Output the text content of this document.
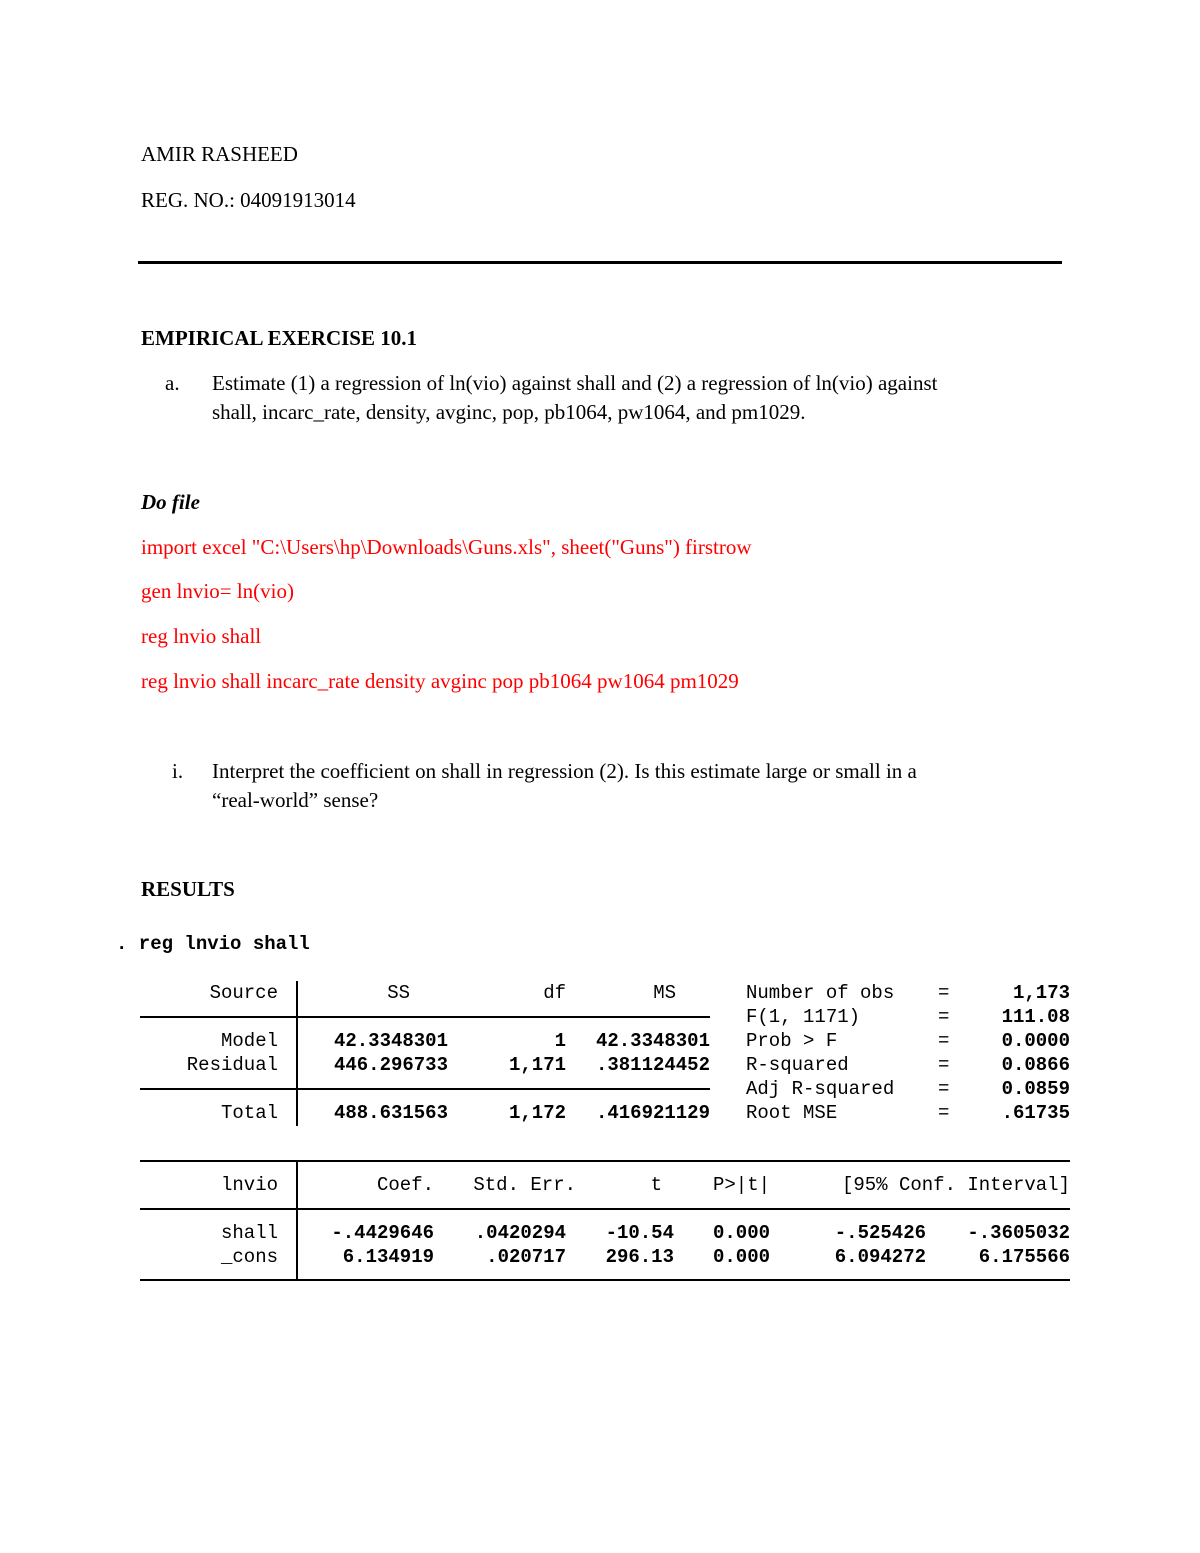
AMIR RASHEED
REG. NO.: 04091913014
EMPIRICAL EXERCISE 10.1
a. Estimate (1) a regression of ln(vio) against shall and (2) a regression of ln(vio) against
shall, incarc_rate, density, avginc, pop, pb1064, pw1064, and pm1029.
Do file
import excel "C:\Users\hp\Downloads\Guns.xls", sheet("Guns") firstrow
gen lnvio= ln(vio)
reg lnvio shall
reg lnvio shall incarc_rate density avginc pop pb1064 pw1064 pm1029
i. Interpret the coefficient on shall in regression (2). Is this estimate large or small in a
“real-world” sense?
RESULTS
. reg lnvio shall
Source	SS	df	MS
Model	42.3348301	1	42.3348301
Residual	446.296733	1,171	.381124452
Total	488.631563	1,172	.416921129
Number of obs =	1,173
F(1, 1171)	=	111.08
Prob > F	=	0.0000
R-squared	=	0.0866
Adj R-squared =	0.0859
Root MSE	=	.61735
lnvio	Coef.	Std. Err.	t	P>|t|	[95% Conf. Interval]
shall	-.4429646	.0420294	-10.54	0.000	-.525426	-.3605032
_cons	6.134919	.020717	296.13	0.000	6.094272	6.175566
